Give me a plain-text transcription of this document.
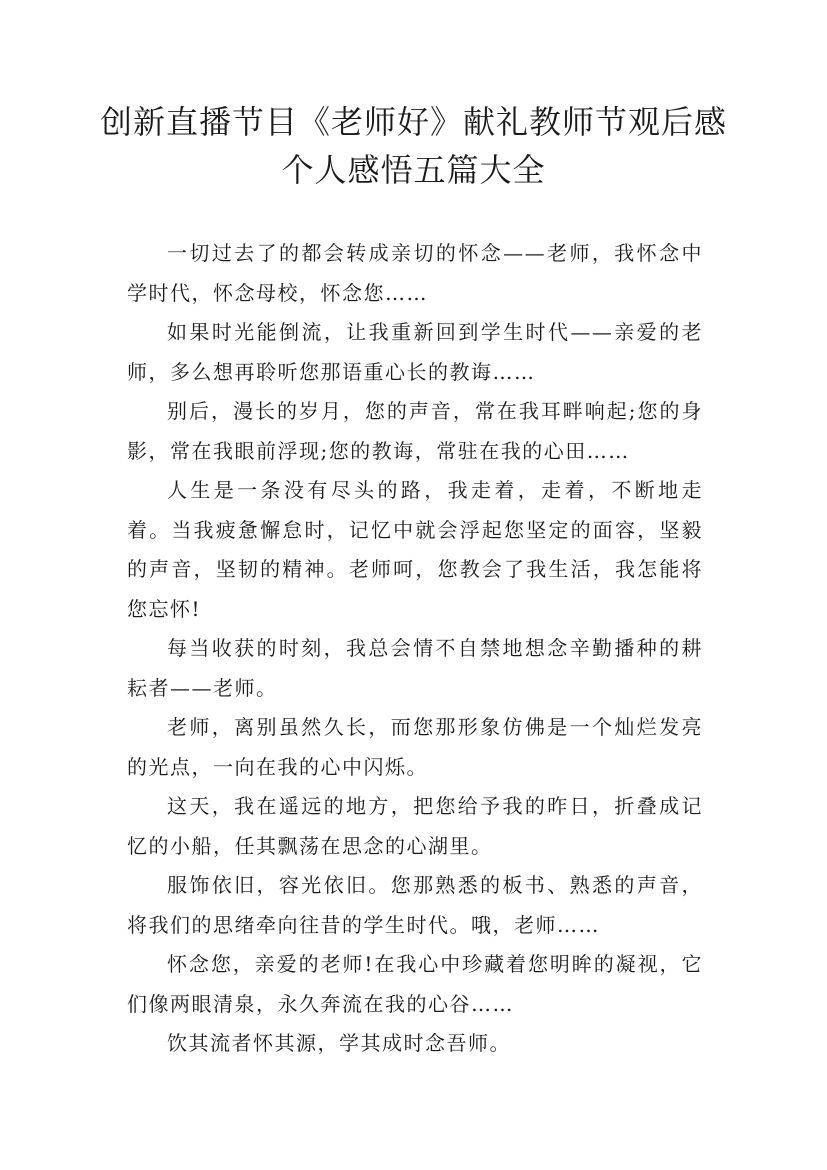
创新直播节目《老师好》献礼教师节观后感
个人感悟五篇大全

一切过去了的都会转成亲切的怀念——老师，我怀念中学时代，怀念母校，怀念您……

如果时光能倒流，让我重新回到学生时代——亲爱的老师，多么想再聆听您那语重心长的教诲……

别后，漫长的岁月，您的声音，常在我耳畔响起;您的身影，常在我眼前浮现;您的教诲，常驻在我的心田……

人生是一条没有尽头的路，我走着，走着，不断地走着。当我疲惫懈怠时，记忆中就会浮起您坚定的面容，坚毅的声音，坚韧的精神。老师呵，您教会了我生活，我怎能将您忘怀!

每当收获的时刻，我总会情不自禁地想念辛勤播种的耕耘者——老师。

老师，离别虽然久长，而您那形象仿佛是一个灿烂发亮的光点，一向在我的心中闪烁。

这天，我在遥远的地方，把您给予我的昨日，折叠成记忆的小船，任其飘荡在思念的心湖里。

服饰依旧，容光依旧。您那熟悉的板书、熟悉的声音，将我们的思绪牵向往昔的学生时代。哦，老师……

怀念您，亲爱的老师!在我心中珍藏着您明眸的凝视，它们像两眼清泉，永久奔流在我的心谷……

饮其流者怀其源，学其成时念吾师。
